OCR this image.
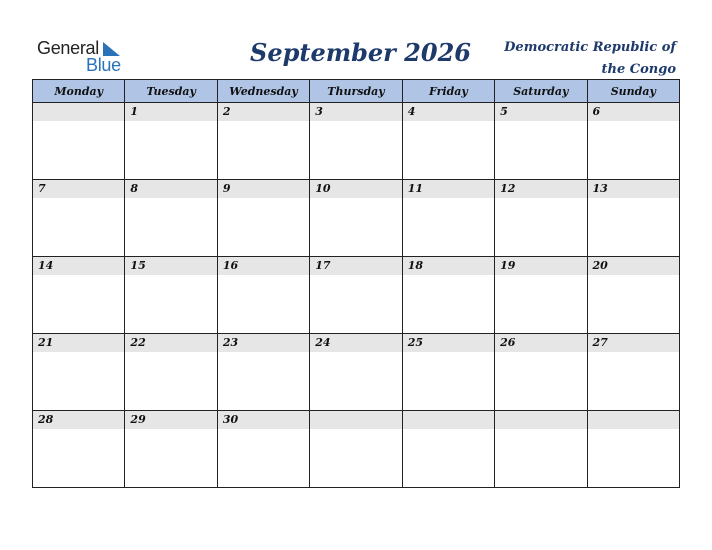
General
Blue	September 2026	Democratic Republic of the Congo
Monday	Tuesday	Wednesday	Thursday	Friday	Saturday	Sunday

	1	2	3	4	5	6

7	8	9	10	11	12	13

14	15	16	17	18	19	20

21	22	23	24	25	26	27

28	29	30				
